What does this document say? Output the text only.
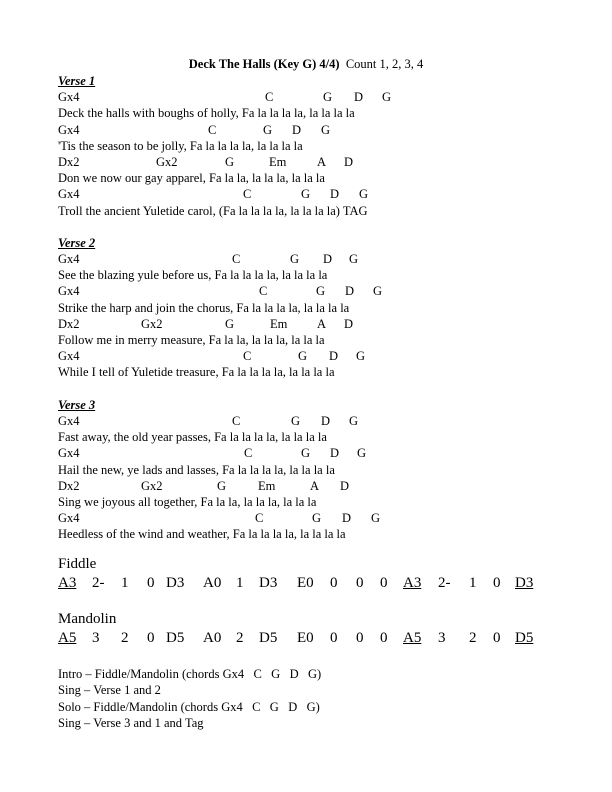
Deck The Halls (Key G) 4/4) Count 1, 2, 3, 4
Verse 1
Gx4	C	G D G
Deck the halls with boughs of holly, Fa la la la la, la la la la
Gx4	C	G D G
'Tis the season to be jolly, Fa la la la la, la la la la
Dx2	Gx2	G	Em A D
Don we now our gay apparel, Fa la la, la la la, la la la
Gx4	C	G D G
Troll the ancient Yuletide carol, (Fa la la la la, la la la la) TAG
Verse 2
Gx4	C	G D G
See the blazing yule before us, Fa la la la la, la la la la
Gx4	C	G D G
Strike the harp and join the chorus, Fa la la la la, la la la la
Dx2	Gx2	G	Em A D
Follow me in merry measure, Fa la la, la la la, la la la
Gx4	C	G D G
While I tell of Yuletide treasure, Fa la la la la, la la la la
Verse 3
Gx4	C	G D G
Fast away, the old year passes, Fa la la la la, la la la la
Gx4	C	G D G
Hail the new, ye lads and lasses, Fa la la la la, la la la la
Dx2	Gx2	G	Em	A D
Sing we joyous all together, Fa la la, la la la, la la la
Gx4	C	G D G
Heedless of the wind and weather, Fa la la la la, la la la la
Fiddle
A3 2- 1 0 D3 A0 1 D3 E0 0 0 0 A3 2- 1 0 D3
Mandolin
A5 3 2 0 D5 A0 2 D5 E0 0 0 0 A5 3 2 0 D5
Intro – Fiddle/Mandolin (chords Gx4   C   G   D   G)
Sing – Verse 1 and 2
Solo – Fiddle/Mandolin (chords Gx4   C   G   D   G)
Sing – Verse 3 and 1 and Tag
